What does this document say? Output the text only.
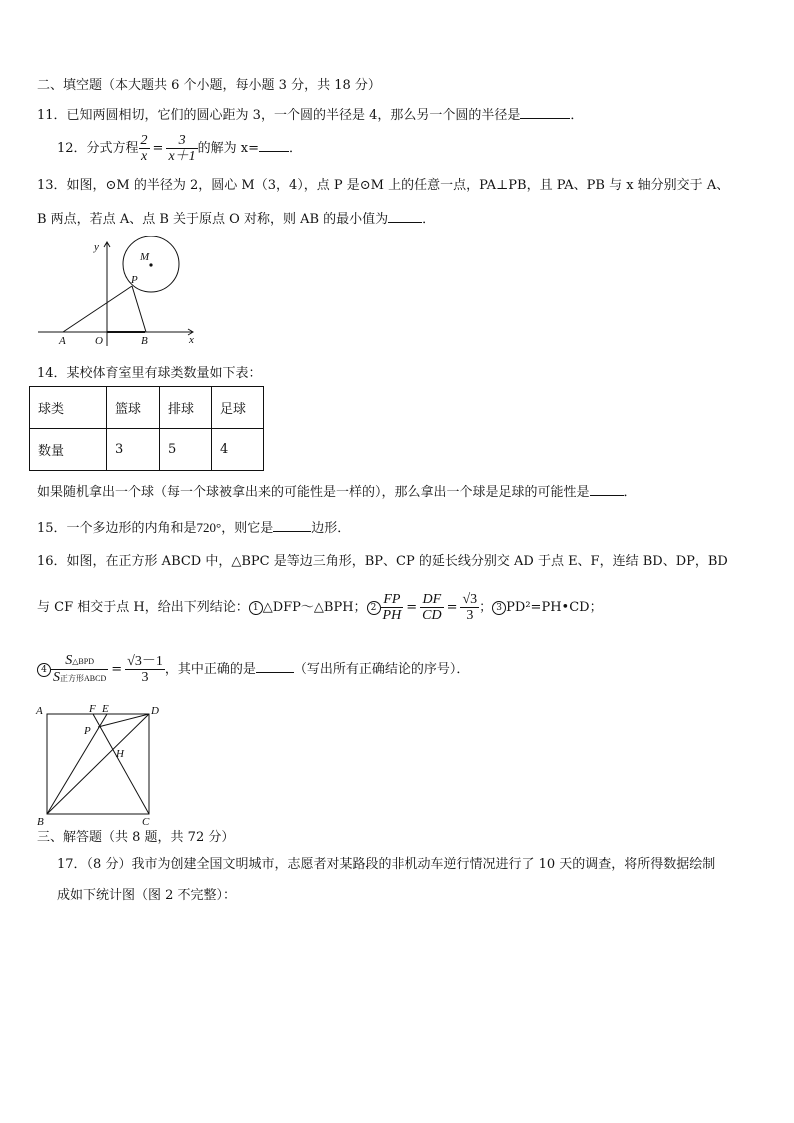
二、填空题（本大题共 6 个小题，每小题 3 分，共 18 分）
11．已知两圆相切，它们的圆心距为 3，一个圆的半径是 4，那么另一个圆的半径是	．
12．分式方程 $\frac{2}{x} = \frac{3}{x+1}$ 的解为 x= ．
13．如图，⊙M 的半径为 2，圆心 M（3，4），点 P 是⊙M 上的任意一点，PA⊥PB，且 PA、PB 与 x 轴分别交于 A、
B 两点，若点 A、点 B 关于原点 O 对称，则 AB 的最小值为	．
y
x
M
P
A	O	B
14．某校体育室里有球类数量如下表：
球类	篮球	排球	足球
数量	3	5	4
如果随机拿出一个球（每一个球被拿出来的可能性是一样的），那么拿出一个球是足球的可能性是	．
15．一个多边形的内角和是720°，则它是	边形．
16．如图，在正方形 ABCD 中，△BPC 是等边三角形，BP、CP 的延长线分别交 AD 于点 E、F，连结 BD、DP，BD
与 CF 相交于点 H，给出下列结论： 1 △DFP～△BPH； $2 \frac{FP}{PH} = \frac{DF}{CD} = \frac{√3}{3}$ ； 3 PD²=PH•CD；
$4 \frac{\text{S△BPD}}{\text{S正方形ABCD}} = \frac{√3-1}{3}$ ，其中正确的是	（写出所有正确结论的序号）．
A	F E	D
P
H
B	C
三、解答题（共 8 题，共 72 分）
17．（8 分）我市为创建全国文明城市，志愿者对某路段的非机动车逆行情况进行了 10 天的调查，将所得数据绘制
成如下统计图（图 2 不完整）：
